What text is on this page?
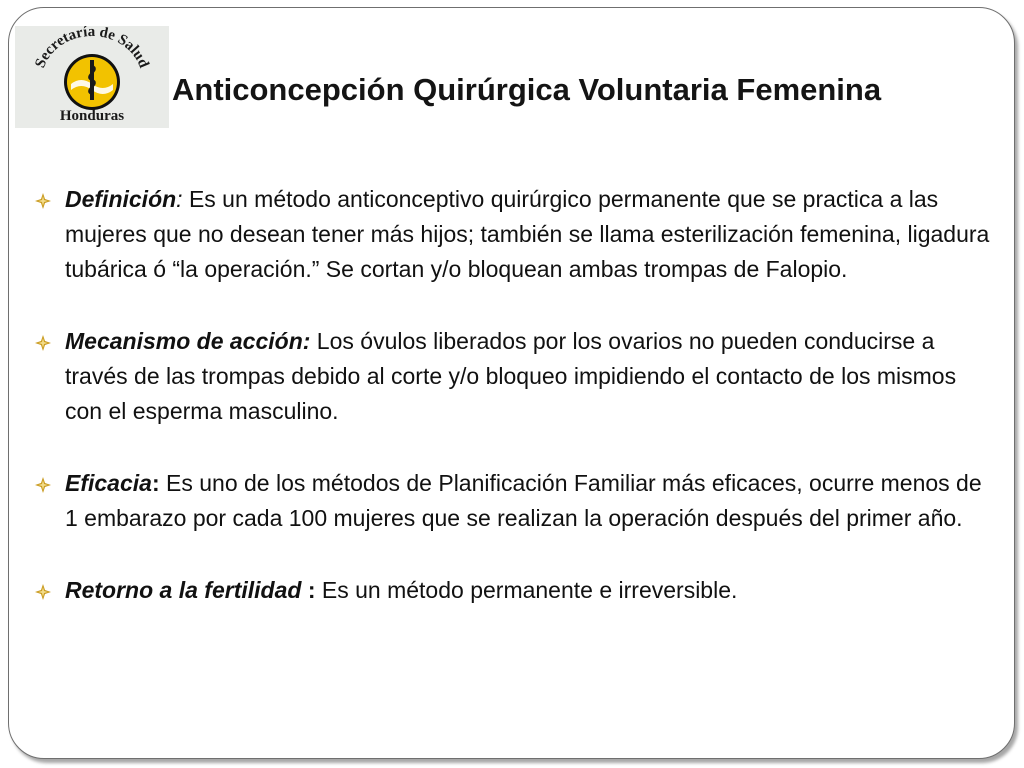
Secretaría de Salud
Honduras
Anticoncepción Quirúrgica Voluntaria Femenina
Definición: Es un método anticonceptivo quirúrgico permanente que se practica a las mujeres que no desean tener más hijos; también se llama esterilización femenina, ligadura tubárica ó “la operación.” Se cortan y/o bloquean ambas trompas de Falopio.
Mecanismo de acción: Los óvulos liberados por los ovarios no pueden conducirse a través de las trompas debido al corte y/o bloqueo impidiendo el contacto de los mismos con el esperma masculino.
Eficacia: Es uno de los métodos de Planificación Familiar más eficaces, ocurre menos de 1 embarazo por cada 100 mujeres que se realizan la operación después del primer año.
Retorno a la fertilidad : Es un método permanente e irreversible.
